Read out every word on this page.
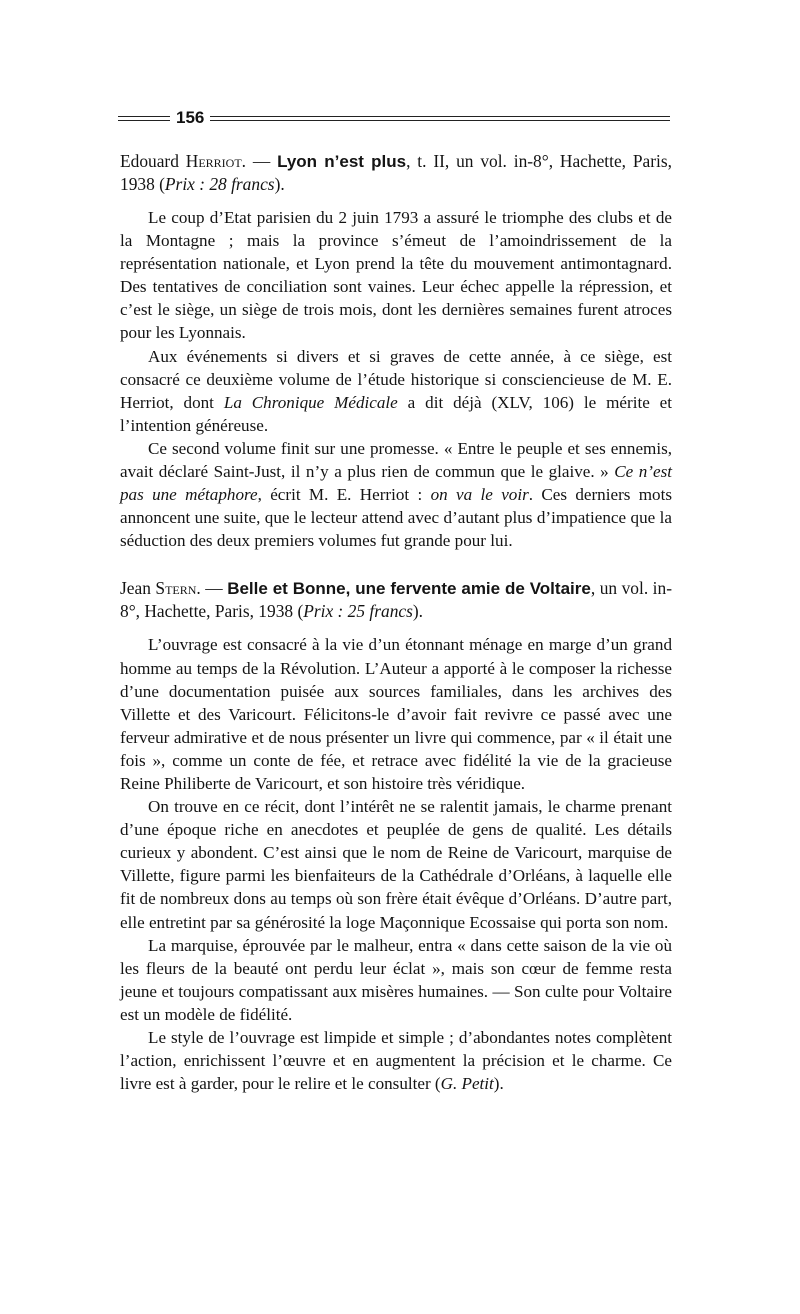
156

Edouard Herriot. — Lyon n’est plus, t. II, un vol. in-8°, Hachette, Paris, 1938 (Prix : 28 francs).

Le coup d’Etat parisien du 2 juin 1793 a assuré le triomphe des clubs et de la Montagne ; mais la province s’émeut de l’amoindrissement de la représentation nationale, et Lyon prend la tête du mouvement antimontagnard. Des tentatives de conciliation sont vaines. Leur échec appelle la répression, et c’est le siège, un siège de trois mois, dont les dernières semaines furent atroces pour les Lyonnais.

Aux événements si divers et si graves de cette année, à ce siège, est consacré ce deuxième volume de l’étude historique si consciencieuse de M. E. Herriot, dont La Chronique Médicale a dit déjà (XLV, 106) le mérite et l’intention généreuse.

Ce second volume finit sur une promesse. « Entre le peuple et ses ennemis, avait déclaré Saint-Just, il n’y a plus rien de commun que le glaive. » Ce n’est pas une métaphore, écrit M. E. Herriot : on va le voir. Ces derniers mots annoncent une suite, que le lecteur attend avec d’autant plus d’impatience que la séduction des deux premiers volumes fut grande pour lui.

Jean Stern. — Belle et Bonne, une fervente amie de Voltaire, un vol. in-8°, Hachette, Paris, 1938 (Prix : 25 francs).

L’ouvrage est consacré à la vie d’un étonnant ménage en marge d’un grand homme au temps de la Révolution. L’Auteur a apporté à le composer la richesse d’une documentation puisée aux sources familiales, dans les archives des Villette et des Varicourt. Félicitons-le d’avoir fait revivre ce passé avec une ferveur admirative et de nous présenter un livre qui commence, par « il était une fois », comme un conte de fée, et retrace avec fidélité la vie de la gracieuse Reine Philiberte de Varicourt, et son histoire très véridique.

On trouve en ce récit, dont l’intérêt ne se ralentit jamais, le charme prenant d’une époque riche en anecdotes et peuplée de gens de qualité. Les détails curieux y abondent. C’est ainsi que le nom de Reine de Varicourt, marquise de Villette, figure parmi les bienfaiteurs de la Cathédrale d’Orléans, à laquelle elle fit de nombreux dons au temps où son frère était évêque d’Orléans. D’autre part, elle entretint par sa générosité la loge Maçonnique Ecossaise qui porta son nom.

La marquise, éprouvée par le malheur, entra « dans cette saison de la vie où les fleurs de la beauté ont perdu leur éclat », mais son cœur de femme resta jeune et toujours compatissant aux misères humaines. — Son culte pour Voltaire est un modèle de fidélité.

Le style de l’ouvrage est limpide et simple ; d’abondantes notes complètent l’action, enrichissent l’œuvre et en augmentent la précision et le charme. Ce livre est à garder, pour le relire et le consulter (G. Petit).
